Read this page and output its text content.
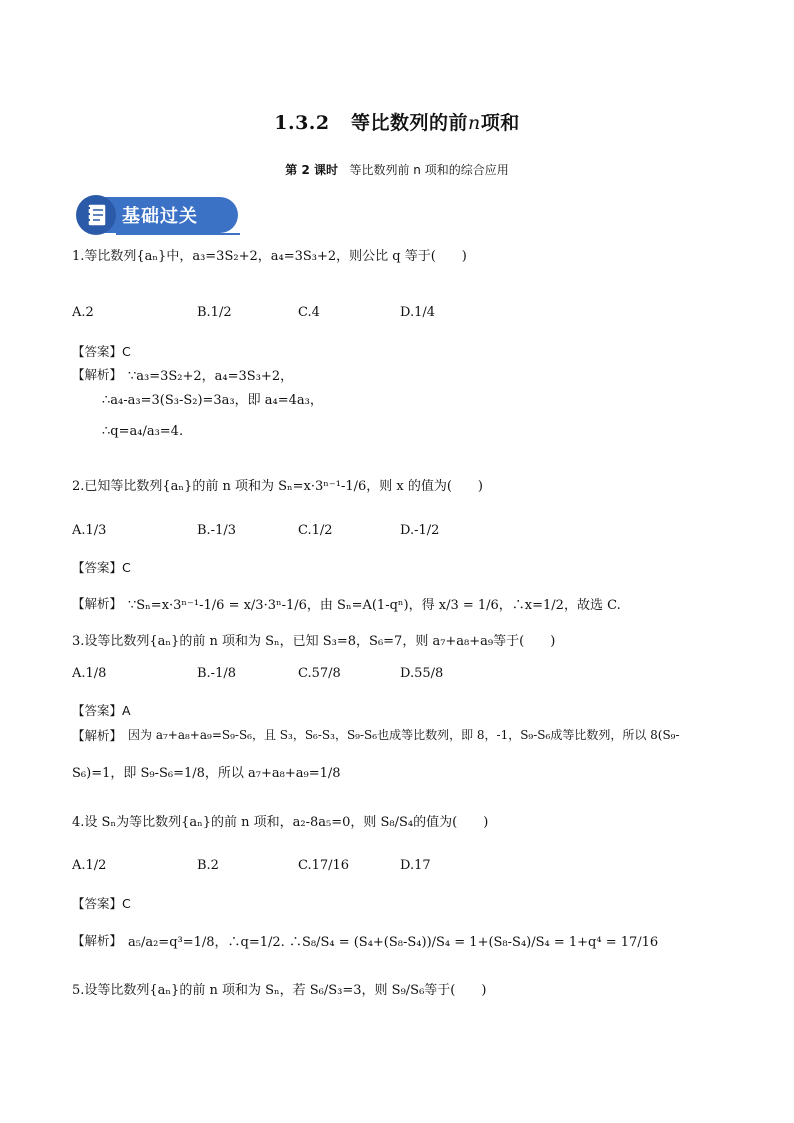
1.3.2 等比数列的前n项和
第 2 课时 等比数列前 n 项和的综合应用
基础过关
1.等比数列{aₙ}中，a₃=3S₂+2，a₄=3S₃+2，则公比 q 等于(　　)
A.2	B.1/2	C.4	D.1/4
【答案】C
【解析】 ∵a₃=3S₂+2，a₄=3S₃+2，
∴a₄-a₃=3(S₃-S₂)=3a₃，即 a₄=4a₃，
∴q=a₄/a₃=4.
2.已知等比数列{aₙ}的前 n 项和为 Sₙ=x·3ⁿ⁻¹-1/6，则 x 的值为(　　)
A.1/3	B.-1/3	C.1/2	D.-1/2
【答案】C
【解析】 ∵Sₙ=x·3ⁿ⁻¹-1/6 = x/3·3ⁿ-1/6，由 Sₙ=A(1-qⁿ)，得 x/3 = 1/6，∴x=1/2，故选 C.
3.设等比数列{aₙ}的前 n 项和为 Sₙ，已知 S₃=8，S₆=7，则 a₇+a₈+a₉等于(　　)
A.1/8	B.-1/8	C.57/8	D.55/8
【答案】A
【解析】 因为 a₇+a₈+a₉=S₉-S₆，且 S₃，S₆-S₃，S₉-S₆也成等比数列，即 8，-1，S₉-S₆成等比数列，所以 8(S₉-
S₆)=1，即 S₉-S₆=1/8，所以 a₇+a₈+a₉=1/8
4.设 Sₙ为等比数列{aₙ}的前 n 项和，a₂-8a₅=0，则 S₈/S₄的值为(　　)
A.1/2	B.2	C.17/16	D.17
【答案】C
【解析】 a₅/a₂=q³=1/8，∴q=1/2. ∴S₈/S₄ = (S₄+(S₈-S₄))/S₄ = 1+(S₈-S₄)/S₄ = 1+q⁴ = 17/16
5.设等比数列{aₙ}的前 n 项和为 Sₙ，若 S₆/S₃=3，则 S₉/S₆等于(　　)
